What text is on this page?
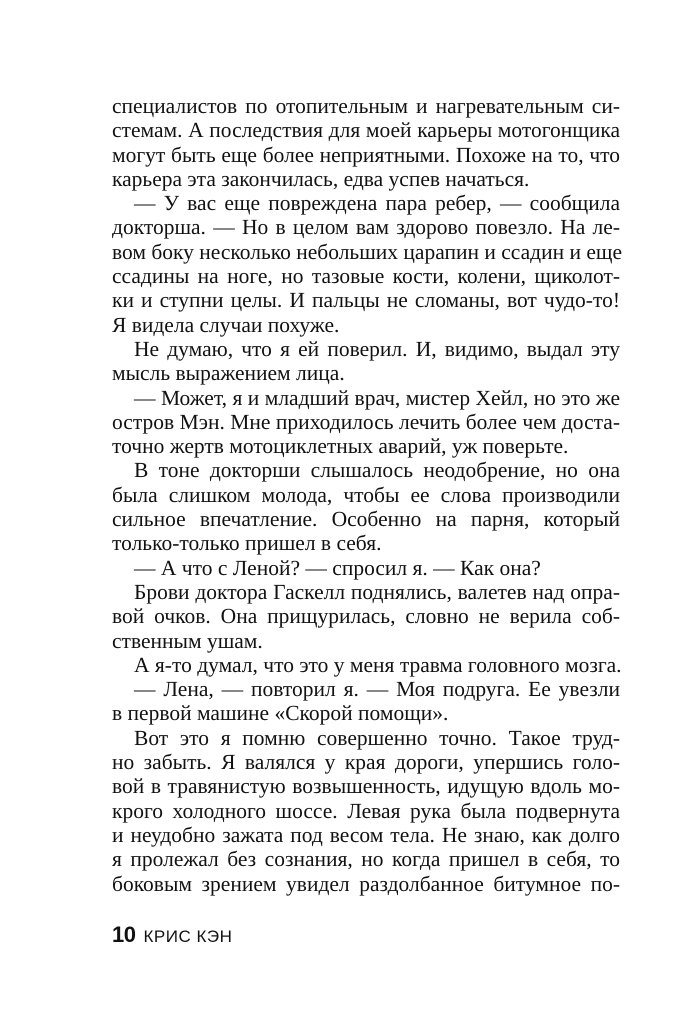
специалистов по отопительным и нагревательным си-
стемам. А последствия для моей карьеры мотогонщика
могут быть еще более неприятными. Похоже на то, что
карьера эта закончилась, едва успев начаться.
— У вас еще повреждена пара ребер, — сообщила
докторша. — Но в целом вам здорово повезло. На ле-
вом боку несколько небольших царапин и ссадин и еще
ссадины на ноге, но тазовые кости, колени, щиколот-
ки и ступни целы. И пальцы не сломаны, вот чудо-то!
Я видела случаи похуже.
Не думаю, что я ей поверил. И, видимо, выдал эту
мысль выражением лица.
— Может, я и младший врач, мистер Хейл, но это же
остров Мэн. Мне приходилось лечить более чем доста-
точно жертв мотоциклетных аварий, уж поверьте.
В тоне докторши слышалось неодобрение, но она
была слишком молода, чтобы ее слова производили
сильное впечатление. Особенно на парня, который
только-только пришел в себя.
— А что с Леной? — спросил я. — Как она?
Брови доктора Гаскелл поднялись, валетев над опра-
вой очков. Она прищурилась, словно не верила соб-
ственным ушам.
А я-то думал, что это у меня травма головного мозга.
— Лена, — повторил я. — Моя подруга. Ее увезли
в первой машине «Скорой помощи».
Вот это я помню совершенно точно. Такое труд-
но забыть. Я валялся у края дороги, упершись голо-
вой в травянистую возвышенность, идущую вдоль мо-
крого холодного шоссе. Левая рука была подвернута
и неудобно зажата под весом тела. Не знаю, как долго
я пролежал без сознания, но когда пришел в себя, то
боковым зрением увидел раздолбанное битумное по-
10 КРИС КЭН
